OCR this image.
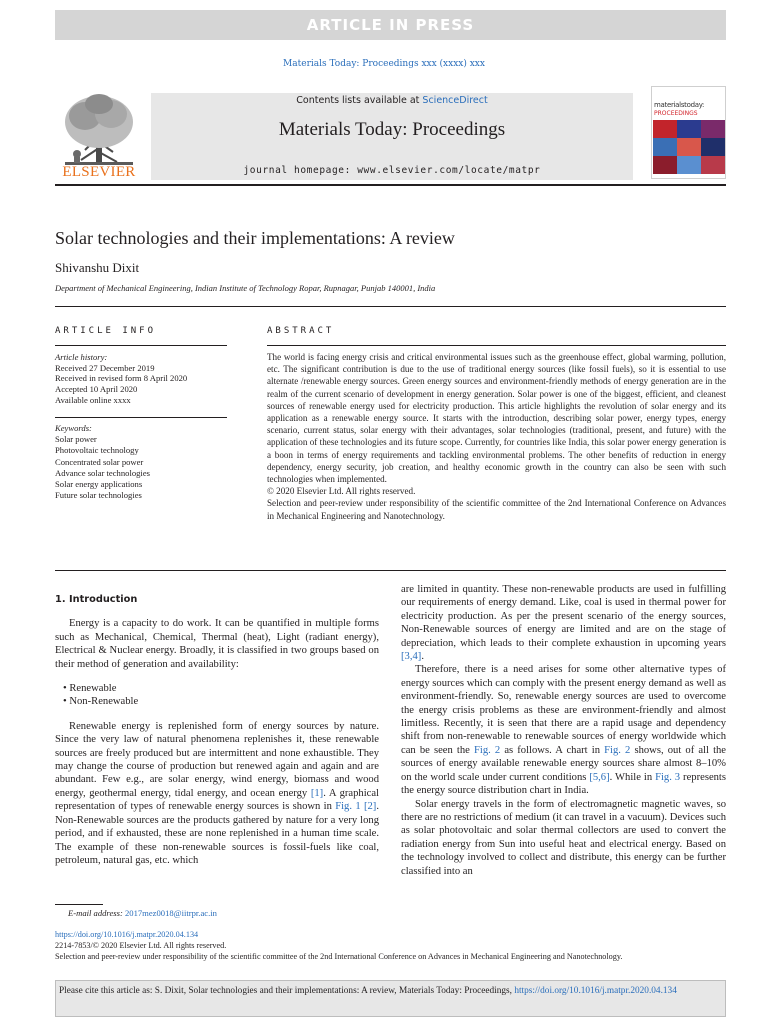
ARTICLE IN PRESS
Materials Today: Proceedings xxx (xxxx) xxx
ELSEVIER
Contents lists available at ScienceDirect
Materials Today: Proceedings
journal homepage: www.elsevier.com/locate/matpr
materialstoday:
PROCEEDINGS
Solar technologies and their implementations: A review
Shivanshu Dixit
Department of Mechanical Engineering, Indian Institute of Technology Ropar, Rupnagar, Punjab 140001, India
ARTICLE INFO	ABSTRACT
Article history:
Received 27 December 2019
Received in revised form 8 April 2020
Accepted 10 April 2020
Available online xxxx
Keywords:
Solar power
Photovoltaic technology
Concentrated solar power
Advance solar technologies
Solar energy applications
Future solar technologies
The world is facing energy crisis and critical environmental issues such as the greenhouse effect, global warming, pollution, etc. The significant contribution is due to the use of traditional energy sources (like fossil fuels), so it is essential to use alternate /renewable energy sources. Green energy sources and environment-friendly methods of energy generation are in the realm of the current scenario of development in energy generation. Solar power is one of the biggest, efficient, and cleanest sources of renewable energy used for electricity production. This article highlights the revolution of solar energy and its application as a renewable energy source. It starts with the introduction, describing solar power, energy types, energy scenario, current status, solar energy with their advantages, solar technologies (traditional, present, and future) with the application of these technologies and its future scope. Currently, for countries like India, this solar power energy generation is a boon in terms of energy requirements and tackling environmental problems. The other benefits of reduction in energy dependency, energy security, job creation, and healthy economic growth in the country can also be seen with such technologies when implemented.
© 2020 Elsevier Ltd. All rights reserved.
Selection and peer-review under responsibility of the scientific committee of the 2nd International Conference on Advances in Mechanical Engineering and Nanotechnology.
1. Introduction

Energy is a capacity to do work. It can be quantified in multiple forms such as Mechanical, Chemical, Thermal (heat), Light (radiant energy), Electrical & Nuclear energy. Broadly, it is classified in two groups based on their method of generation and availability:

• Renewable
• Non-Renewable

Renewable energy is replenished form of energy sources by nature. Since the very law of natural phenomena replenishes it, these renewable sources are freely produced but are intermittent and none exhaustible. They may change the course of production but renewed again and again and are abundant. Few e.g., are solar energy, wind energy, biomass and wood energy, geothermal energy, tidal energy, and ocean energy [1]. A graphical representation of types of renewable energy sources is shown in Fig. 1 [2]. Non-Renewable sources are the products gathered by nature for a very long period, and if exhausted, these are none replenished in a human time scale. The example of these non-renewable sources is fossil-fuels like coal, petroleum, natural gas, etc. which

are limited in quantity. These non-renewable products are used in fulfilling our requirements of energy demand. Like, coal is used in thermal power for electricity production. As per the present scenario of the energy sources, Non-Renewable sources of energy are limited and are on the stage of depreciation, which leads to their complete exhaustion in upcoming years [3,4].

Therefore, there is a need arises for some other alternative types of energy sources which can comply with the present energy demand as well as environment-friendly. So, renewable energy sources are used to overcome the energy crisis problems as these are environment-friendly and almost limitless. Recently, it is seen that there are a rapid usage and dependency shift from non-renewable to renewable sources of energy worldwide which can be seen the Fig. 2 as follows. A chart in Fig. 2 shows, out of all the sources of energy available renewable energy sources share almost 8–10% on the world scale under current conditions [5,6]. While in Fig. 3 represents the energy source distribution chart in India.

Solar energy travels in the form of electromagnetic magnetic waves, so there are no restrictions of medium (it can travel in a vacuum). Devices such as solar photovoltaic and solar thermal collectors are used to convert the radiation energy from Sun into useful heat and electrical energy. Based on the technology involved to collect and distribute, this energy can be further classified into an

E-mail address: 2017mez0018@iitrpr.ac.in
https://doi.org/10.1016/j.matpr.2020.04.134
2214-7853/© 2020 Elsevier Ltd. All rights reserved.
Selection and peer-review under responsibility of the scientific committee of the 2nd International Conference on Advances in Mechanical Engineering and Nanotechnology.
Please cite this article as: S. Dixit, Solar technologies and their implementations: A review, Materials Today: Proceedings, https://doi.org/10.1016/j.matpr.2020.04.134
